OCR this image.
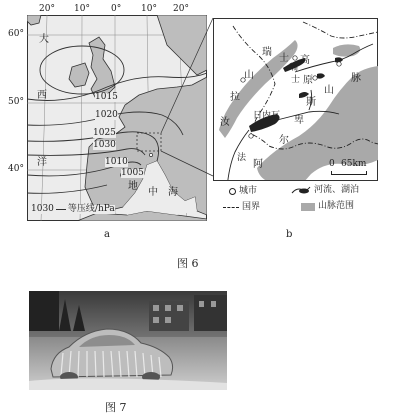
20° 10° 0° 10° 20°
60°
50°
40°
大
西
洋
地
中 海
1015
1020
1025
1030
1010
1005
1030 等压线/hPa
汝
拉
山
瑞
士 高
原
日内瓦
山
脉
斯
卑
尔
阿
瑞
士
法
0 65km
城市	河流、湖泊
国界	山脉范围
a	b
图 6
图 7
